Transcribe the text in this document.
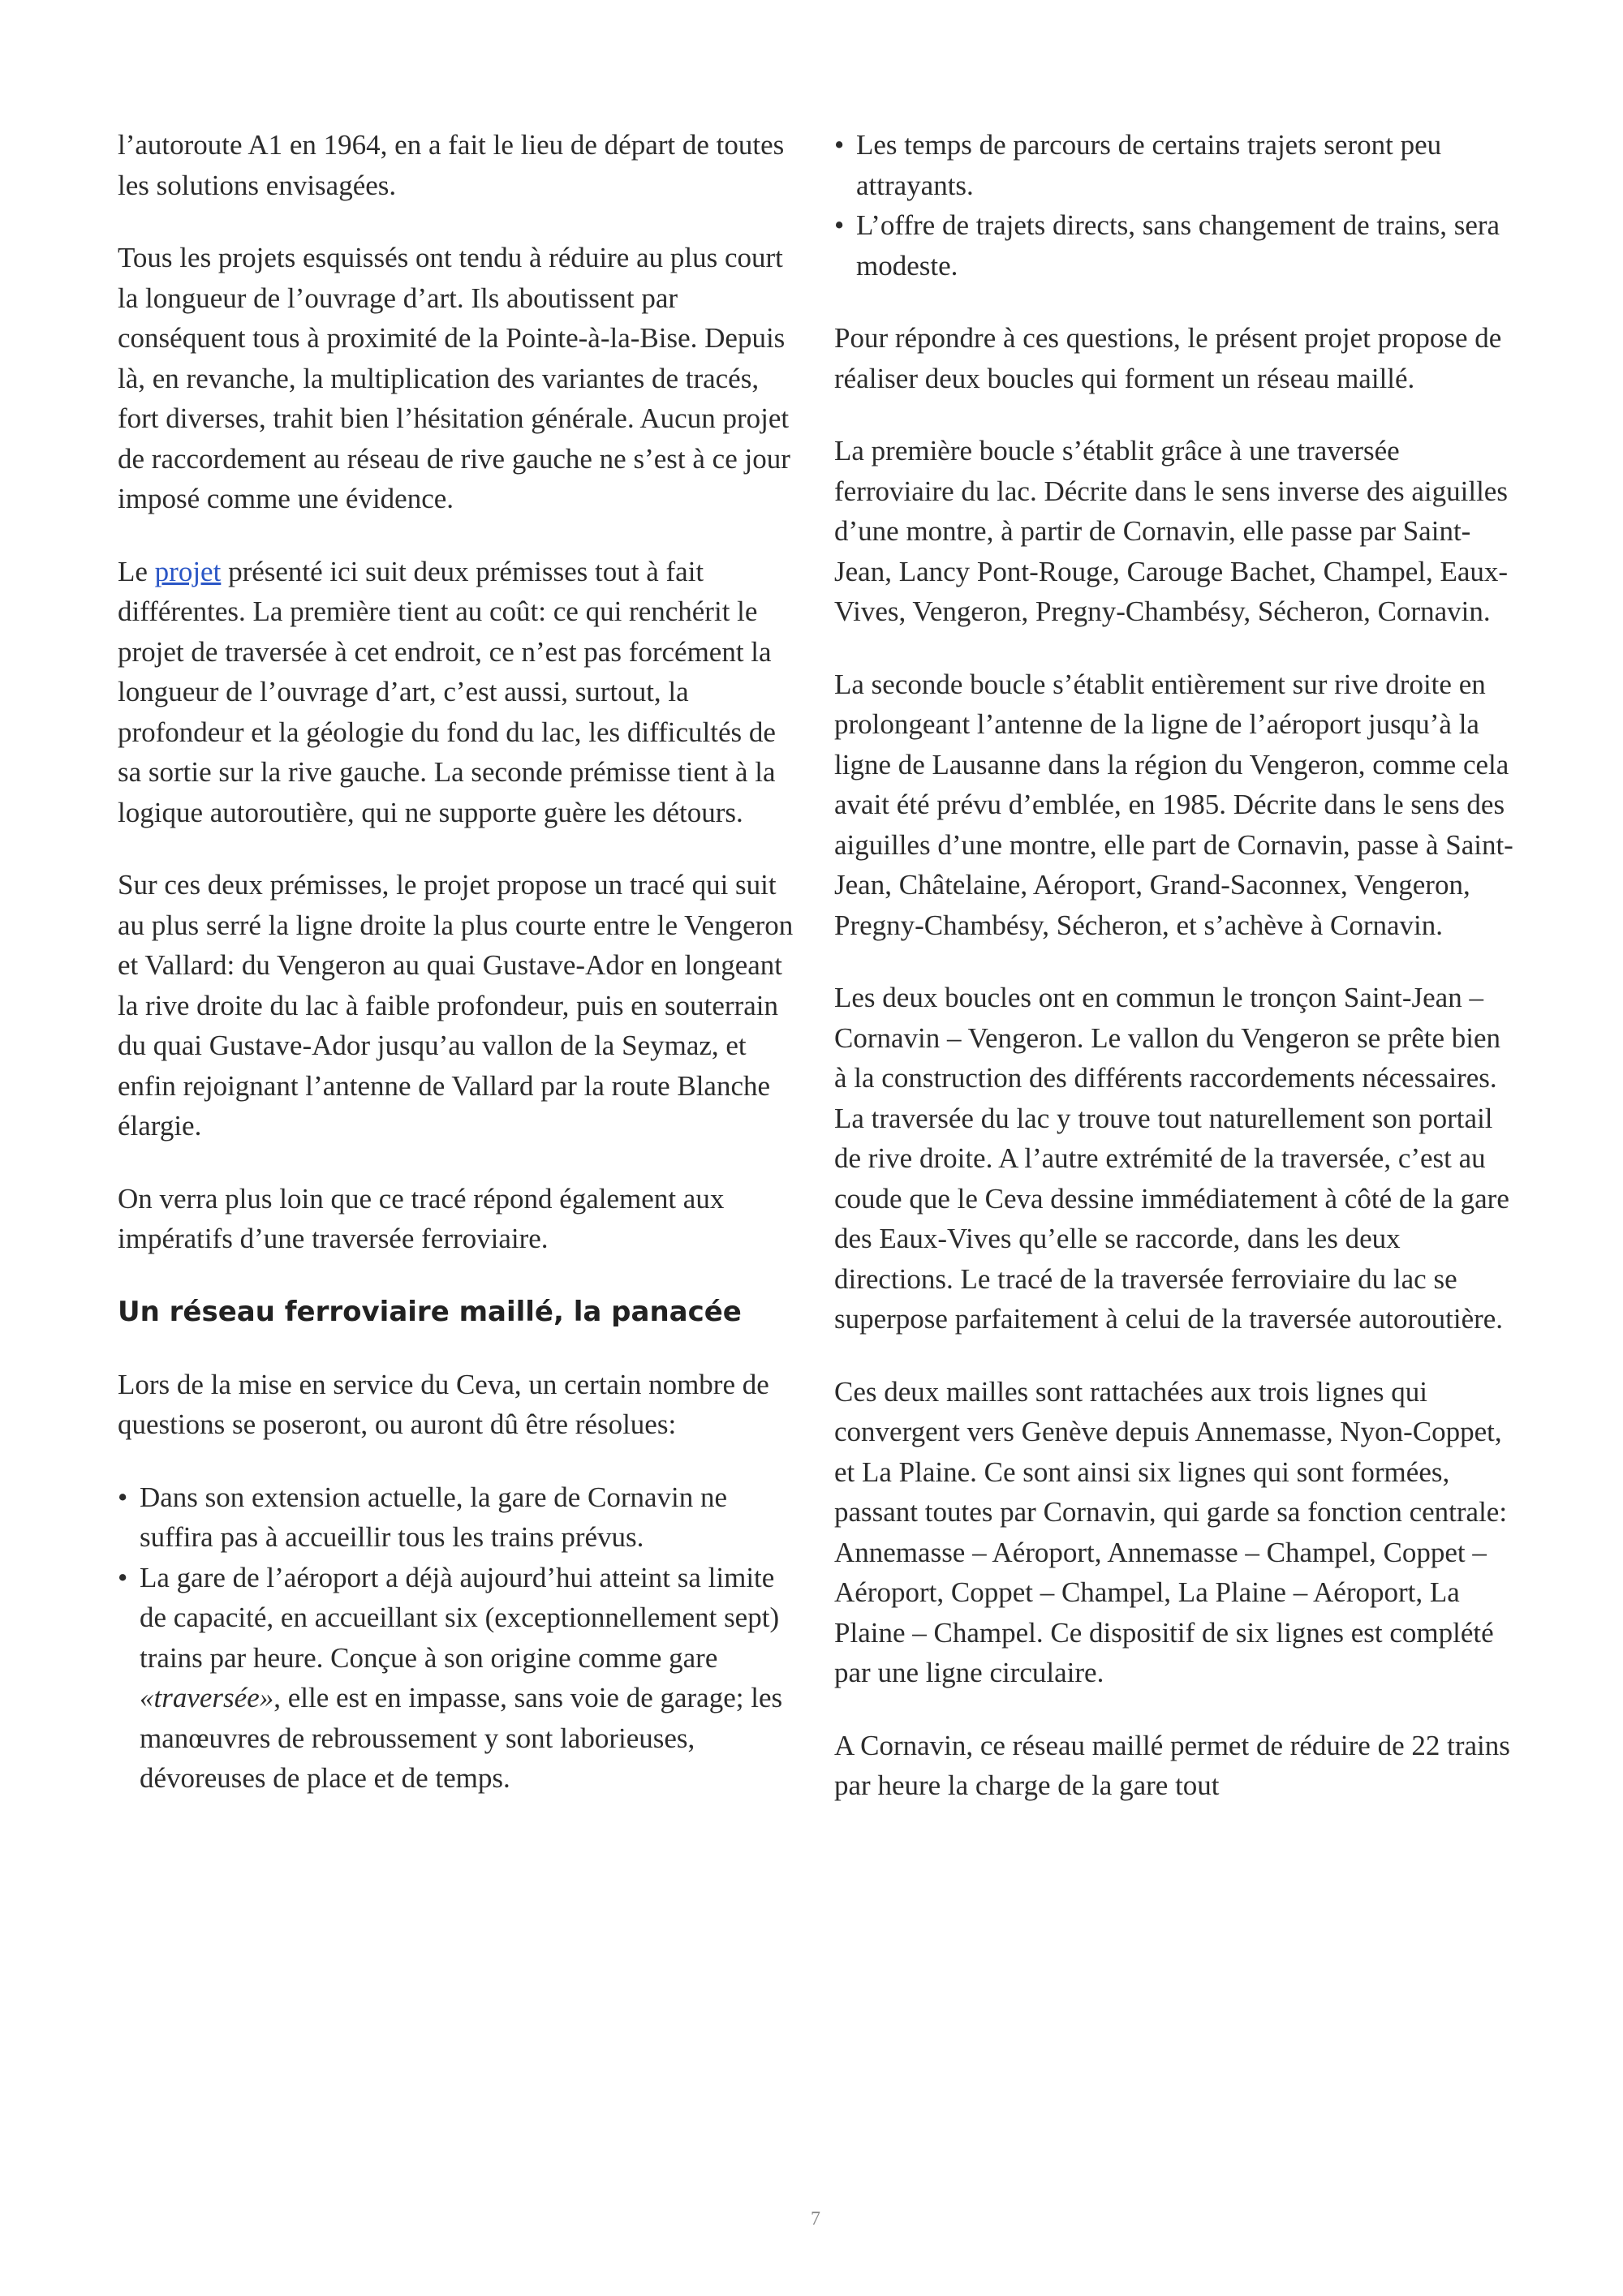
l’autoroute A1 en 1964, en a fait le lieu de départ de toutes les solutions envisagées.

Tous les projets esquissés ont tendu à réduire au plus court la longueur de l’ouvrage d’art. Ils aboutissent par conséquent tous à proximité de la Pointe-à-la-Bise. Depuis là, en revanche, la multiplication des variantes de tracés, fort diverses, trahit bien l’hésitation générale. Aucun projet de raccordement au réseau de rive gauche ne s’est à ce jour imposé comme une évidence.

Le projet présenté ici suit deux prémisses tout à fait différentes. La première tient au coût: ce qui renchérit le projet de traversée à cet endroit, ce n’est pas forcément la longueur de l’ouvrage d’art, c’est aussi, surtout, la profondeur et la géologie du fond du lac, les difficultés de sa sortie sur la rive gauche. La seconde prémisse tient à la logique autoroutière, qui ne supporte guère les détours.

Sur ces deux prémisses, le projet propose un tracé qui suit au plus serré la ligne droite la plus courte entre le Vengeron et Vallard: du Vengeron au quai Gustave-Ador en longeant la rive droite du lac à faible profondeur, puis en souterrain du quai Gustave-Ador jusqu’au vallon de la Seymaz, et enfin rejoignant l’antenne de Vallard par la route Blanche élargie.

On verra plus loin que ce tracé répond également aux impératifs d’une traversée ferroviaire.

Un réseau ferroviaire maillé, la panacée

Lors de la mise en service du Ceva, un certain nombre de questions se poseront, ou auront dû être résolues:

• Dans son extension actuelle, la gare de Cornavin ne suffira pas à accueillir tous les trains prévus.
• La gare de l’aéroport a déjà aujourd’hui atteint sa limite de capacité, en accueillant six (exceptionnellement sept) trains par heure. Conçue à son origine comme gare «traversée», elle est en impasse, sans voie de garage; les manœuvres de rebroussement y sont laborieuses, dévoreuses de place et de temps.
• Les temps de parcours de certains trajets seront peu attrayants.
• L’offre de trajets directs, sans changement de trains, sera modeste.

Pour répondre à ces questions, le présent projet propose de réaliser deux boucles qui forment un réseau maillé.

La première boucle s’établit grâce à une traversée ferroviaire du lac. Décrite dans le sens inverse des aiguilles d’une montre, à partir de Cornavin, elle passe par Saint-Jean, Lancy Pont-Rouge, Carouge Bachet, Champel, Eaux-Vives, Vengeron, Pregny-Chambésy, Sécheron, Cornavin.

La seconde boucle s’établit entièrement sur rive droite en prolongeant l’antenne de la ligne de l’aéroport jusqu’à la ligne de Lausanne dans la région du Vengeron, comme cela avait été prévu d’emblée, en 1985. Décrite dans le sens des aiguilles d’une montre, elle part de Cornavin, passe à Saint-Jean, Châtelaine, Aéroport, Grand-Saconnex, Vengeron, Pregny-Chambésy, Sécheron, et s’achève à Cornavin.

Les deux boucles ont en commun le tronçon Saint-Jean – Cornavin – Vengeron. Le vallon du Vengeron se prête bien à la construction des différents raccordements nécessaires. La traversée du lac y trouve tout naturellement son portail de rive droite. A l’autre extrémité de la traversée, c’est au coude que le Ceva dessine immédiatement à côté de la gare des Eaux-Vives qu’elle se raccorde, dans les deux directions. Le tracé de la traversée ferroviaire du lac se superpose parfaitement à celui de la traversée autoroutière.

Ces deux mailles sont rattachées aux trois lignes qui convergent vers Genève depuis Annemasse, Nyon-Coppet, et La Plaine. Ce sont ainsi six lignes qui sont formées, passant toutes par Cornavin, qui garde sa fonction centrale: Annemasse – Aéroport, Annemasse – Champel, Coppet – Aéroport, Coppet – Champel, La Plaine – Aéroport, La Plaine – Champel. Ce dispositif de six lignes est complété par une ligne circulaire.

A Cornavin, ce réseau maillé permet de réduire de 22 trains par heure la charge de la gare tout

7
